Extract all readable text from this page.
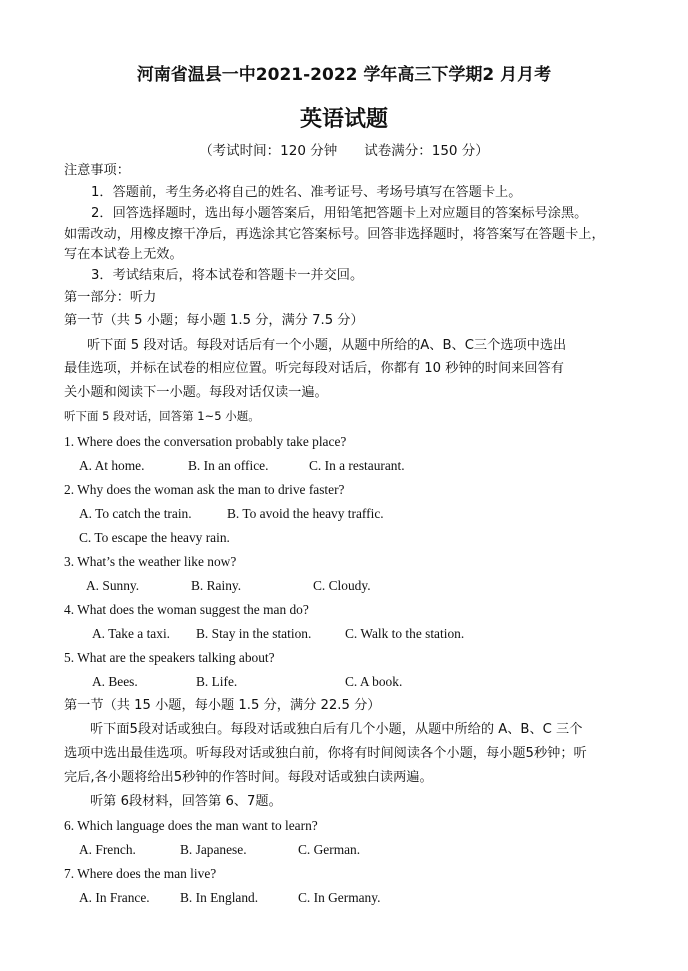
河南省温县一中2021-2022 学年高三下学期2 月月考
英语试题
（考试时间：120 分钟　　试卷满分：150 分）
注意事项：
1．答题前，考生务必将自己的姓名、准考证号、考场号填写在答题卡上。
2．回答选择题时，选出每小题答案后，用铅笔把答题卡上对应题目的答案标号涂黑。
如需改动，用橡皮擦干净后，再选涂其它答案标号。回答非选择题时，将答案写在答题卡上，
写在本试卷上无效。
3．考试结束后，将本试卷和答题卡一并交回。
第一部分：听力
第一节（共 5 小题；每小题 1.5 分，满分 7.5 分）
听下面 5 段对话。每段对话后有一个小题，从题中所给的A、B、C三个选项中选出
最佳选项，并标在试卷的相应位置。听完每段对话后，你都有 10 秒钟的时间来回答有
关小题和阅读下一小题。每段对话仅读一遍。
听下面 5 段对话，回答第 1~5 小题。
1. Where does the conversation probably take place?
A. At home.	B. In an office.	C. In a restaurant.
2. Why does the woman ask the man to drive faster?
A. To catch the train.	B. To avoid the heavy traffic.
C. To escape the heavy rain.
3. What’s the weather like now?
A. Sunny.	B. Rainy.	C. Cloudy.
4. What does the woman suggest the man do?
A. Take a taxi. B. Stay in the station.	C. Walk to the station.
5. What are the speakers talking about?
A. Bees.	B. Life.	C. A book.
第一节（共 15 小题，每小题 1.5 分，满分 22.5 分）
听下面5段对话或独白。每段对话或独白后有几个小题，从题中所给的 A、B、C 三个
选项中选出最佳选项。听每段对话或独白前，你将有时间阅读各个小题，每小题5秒钟；听
完后,各小题将给出5秒钟的作答时间。每段对话或独白读两遍。
听第 6段材料，回答第 6、7题。
6. Which language does the man want to learn?
A. French.	B. Japanese.	C. German.
7. Where does the man live?
A. In France. B. In England.	C. In Germany.
